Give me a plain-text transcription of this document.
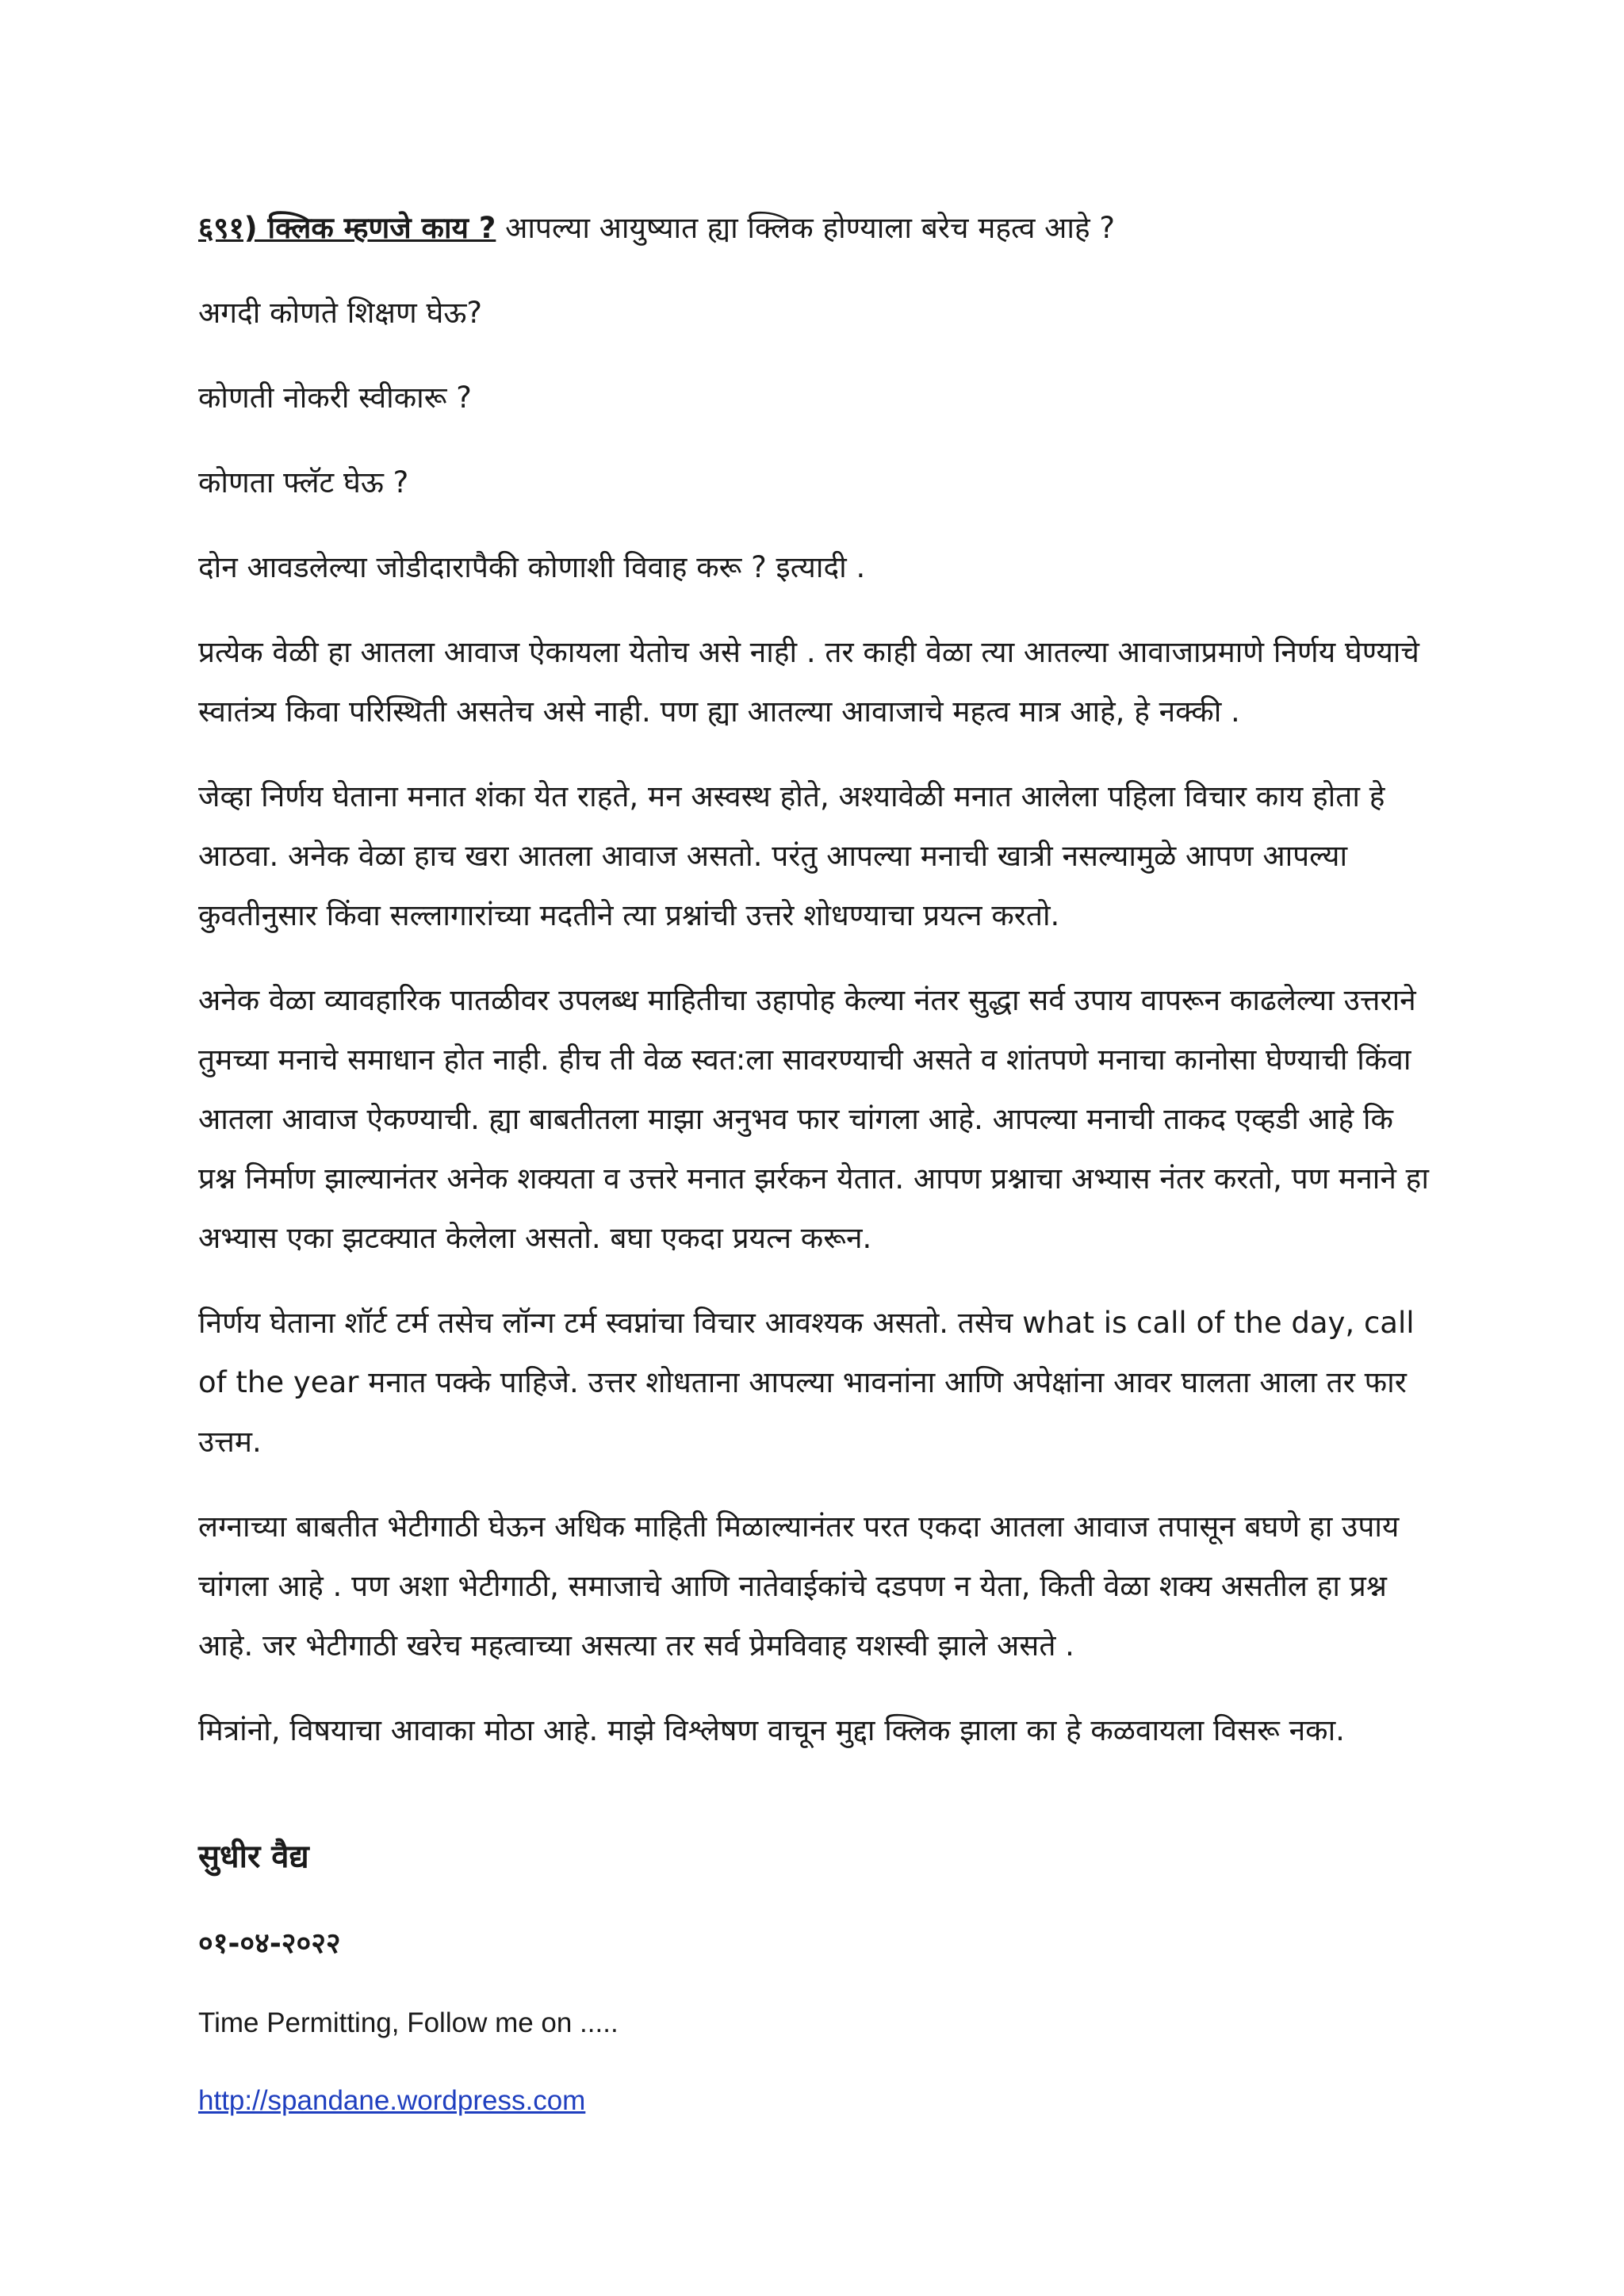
६९१) क्लिक म्हणजे काय ? आपल्या आयुष्यात ह्या क्लिक होण्याला बरेच महत्व आहे ?

अगदी कोणते शिक्षण घेऊ?

कोणती नोकरी स्वीकारू ?

कोणता फ्लॅट घेऊ ?

दोन आवडलेल्या जोडीदारापैकी कोणाशी विवाह करू ? इत्यादी .

प्रत्येक वेळी हा आतला आवाज ऐकायला येतोच असे नाही . तर काही वेळा त्या आतल्या आवाजाप्रमाणे निर्णय घेण्याचे स्वातंत्र्य किवा परिस्थिती असतेच असे नाही. पण ह्या आतल्या आवाजाचे महत्व मात्र आहे, हे नक्की .

जेव्हा निर्णय घेताना मनात शंका येत राहते, मन अस्वस्थ होते, अश्यावेळी मनात आलेला पहिला विचार काय होता हे आठवा. अनेक वेळा हाच खरा आतला आवाज असतो. परंतु आपल्या मनाची खात्री नसल्यामुळे आपण आपल्या कुवतीनुसार किंवा सल्लागारांच्या मदतीने त्या प्रश्नांची उत्तरे शोधण्याचा प्रयत्न करतो.

अनेक वेळा व्यावहारिक पातळीवर उपलब्ध माहितीचा उहापोह केल्या नंतर सुद्धा सर्व उपाय वापरून काढलेल्या उत्तराने तुमच्या मनाचे समाधान होत नाही. हीच ती वेळ स्वत:ला सावरण्याची असते व शांतपणे मनाचा कानोसा घेण्याची किंवा आतला आवाज ऐकण्याची. ह्या बाबतीतला माझा अनुभव फार चांगला आहे. आपल्या मनाची ताकद एव्हडी आहे कि प्रश्न निर्माण झाल्यानंतर अनेक शक्यता व उत्तरे मनात झर्रकन येतात. आपण प्रश्नाचा अभ्यास नंतर करतो, पण मनाने हा अभ्यास एका झटक्यात केलेला असतो. बघा एकदा प्रयत्न करून.

निर्णय घेताना शॉर्ट टर्म तसेच लॉन्ग टर्म स्वप्नांचा विचार आवश्यक असतो. तसेच what is call of the day, call of the year मनात पक्के पाहिजे. उत्तर शोधताना आपल्या भावनांना आणि अपेक्षांना आवर घालता आला तर फार उत्तम.

लग्नाच्या बाबतीत भेटीगाठी घेऊन अधिक माहिती मिळाल्यानंतर परत एकदा आतला आवाज तपासून बघणे हा उपाय चांगला आहे . पण अशा भेटीगाठी, समाजाचे आणि नातेवाईकांचे दडपण न येता, किती वेळा शक्य असतील हा प्रश्न आहे. जर भेटीगाठी खरेच महत्वाच्या असत्या तर सर्व प्रेमविवाह यशस्वी झाले असते .

मित्रांनो, विषयाचा आवाका मोठा आहे. माझे विश्लेषण वाचून मुद्दा क्लिक झाला का हे कळवायला विसरू नका.

सुधीर वैद्य
०१-०४-२०२२
Time Permitting, Follow me on .....
http://spandane.wordpress.com
